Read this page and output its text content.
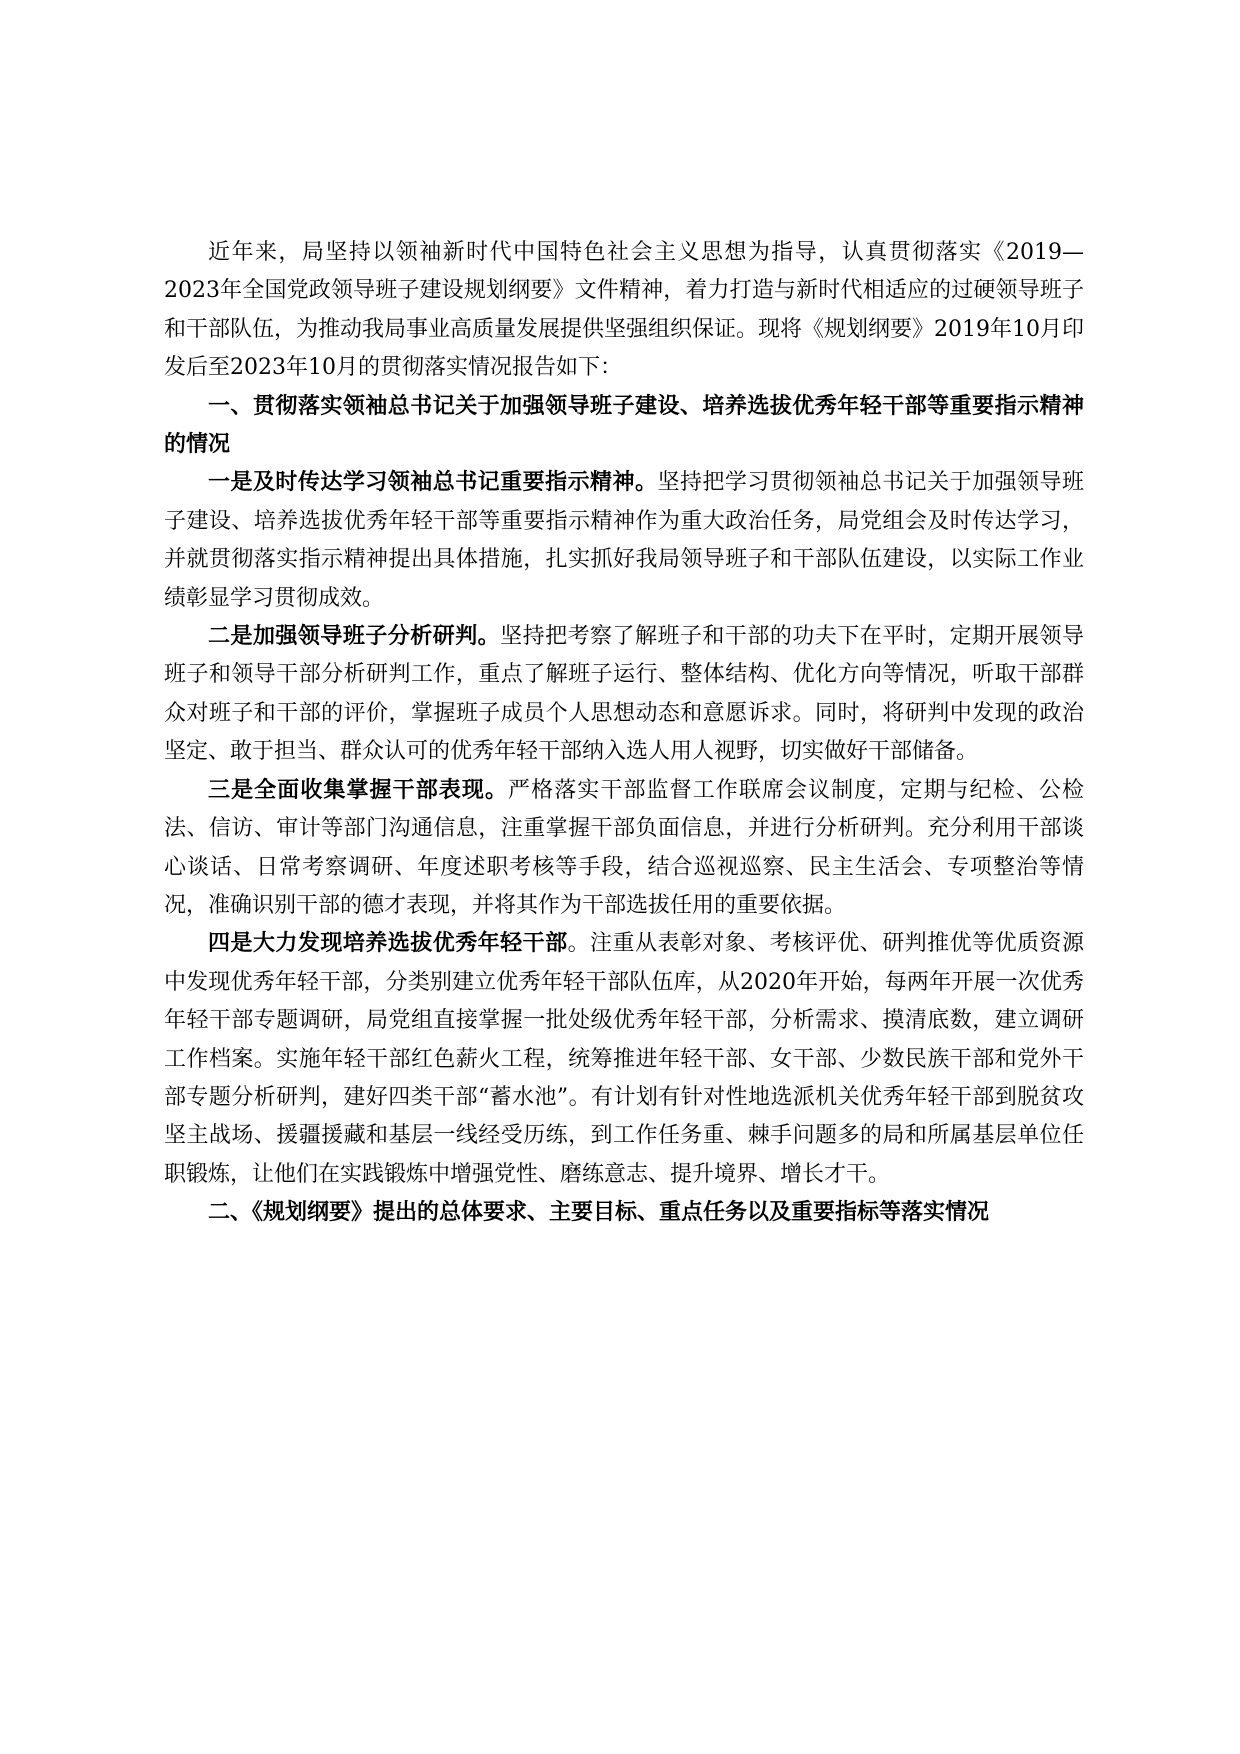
近年来，局坚持以领袖新时代中国特色社会主义思想为指导，认真贯彻落实《2019—2023年全国党政领导班子建设规划纲要》文件精神，着力打造与新时代相适应的过硬领导班子和干部队伍，为推动我局事业高质量发展提供坚强组织保证。现将《规划纲要》2019年10月印发后至2023年10月的贯彻落实情况报告如下：

一、贯彻落实领袖总书记关于加强领导班子建设、培养选拔优秀年轻干部等重要指示精神的情况

一是及时传达学习领袖总书记重要指示精神。坚持把学习贯彻领袖总书记关于加强领导班子建设、培养选拔优秀年轻干部等重要指示精神作为重大政治任务，局党组会及时传达学习，并就贯彻落实指示精神提出具体措施，扎实抓好我局领导班子和干部队伍建设，以实际工作业绩彰显学习贯彻成效。

二是加强领导班子分析研判。坚持把考察了解班子和干部的功夫下在平时，定期开展领导班子和领导干部分析研判工作，重点了解班子运行、整体结构、优化方向等情况，听取干部群众对班子和干部的评价，掌握班子成员个人思想动态和意愿诉求。同时，将研判中发现的政治坚定、敢于担当、群众认可的优秀年轻干部纳入选人用人视野，切实做好干部储备。

三是全面收集掌握干部表现。严格落实干部监督工作联席会议制度，定期与纪检、公检法、信访、审计等部门沟通信息，注重掌握干部负面信息，并进行分析研判。充分利用干部谈心谈话、日常考察调研、年度述职考核等手段，结合巡视巡察、民主生活会、专项整治等情况，准确识别干部的德才表现，并将其作为干部选拔任用的重要依据。

四是大力发现培养选拔优秀年轻干部。注重从表彰对象、考核评优、研判推优等优质资源中发现优秀年轻干部，分类别建立优秀年轻干部队伍库，从2020年开始，每两年开展一次优秀年轻干部专题调研，局党组直接掌握一批处级优秀年轻干部，分析需求、摸清底数，建立调研工作档案。实施年轻干部红色薪火工程，统筹推进年轻干部、女干部、少数民族干部和党外干部专题分析研判，建好四类干部“蓄水池”。有计划有针对性地选派机关优秀年轻干部到脱贫攻坚主战场、援疆援藏和基层一线经受历练，到工作任务重、棘手问题多的局和所属基层单位任职锻炼，让他们在实践锻炼中增强党性、磨练意志、提升境界、增长才干。

二、《规划纲要》提出的总体要求、主要目标、重点任务以及重要指标等落实情况
